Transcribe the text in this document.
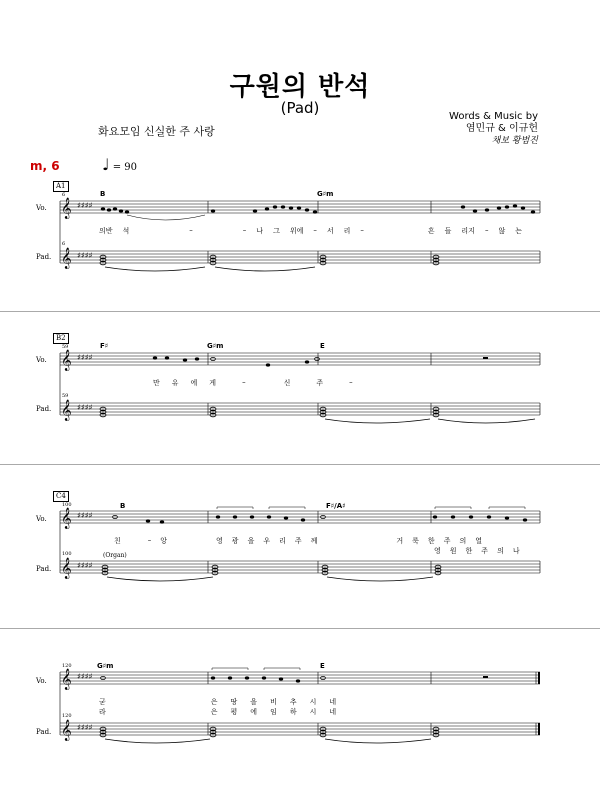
구원의 반석
(Pad)
화요모임 신실한 주 사랑
Words & Music by
염민규 & 이규헌
채보 황범진
m, 6	♩ = 90
A1
6
6
Vo.
Pad.
B	G♯m
𝄞
𝄞
♯♯♯♯
♯♯♯♯
의반 석	–	– 나 그 위에 – 서 리 –	흔 들 리지 – 않 는
B2
59
59
Vo.
Pad.
F♯	G♯m	E
𝄞
𝄞
♯♯♯♯
♯♯♯♯
만 유 에 게	–	신	주	–
C4
100
100
Vo.
Pad.
B	F♯/A♯
(Organ)
𝄞
𝄞
♯♯♯♯
♯♯♯♯
친	– 앙	영 광 을 우 리 주 께	거 룩 한 주 의 열
영 원 한 주 의 나
120
120
Vo.
Pad.
G♯m	E
𝄞
𝄞
♯♯♯♯
♯♯♯♯
굳	은 땅 을 비 추 시 네
라	은 평 에 임 하 시 네
